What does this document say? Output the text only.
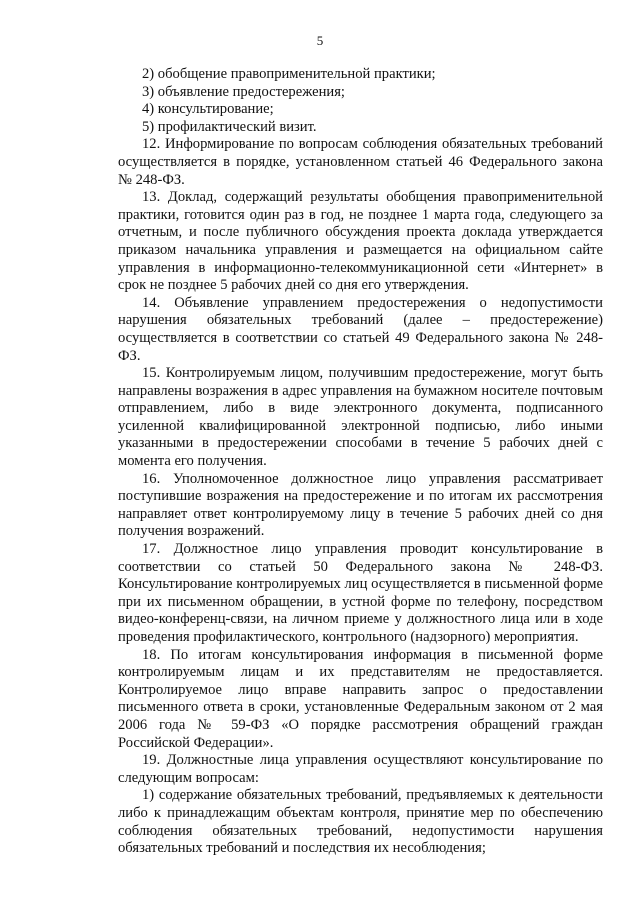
5

2) обобщение правоприменительной практики;

3) объявление предостережения;

4) консультирование;

5) профилактический визит.

12. Информирование по вопросам соблюдения обязательных требований осуществляется в порядке, установленном статьей 46 Федерального закона № 248-ФЗ.

13. Доклад, содержащий результаты обобщения правоприменительной практики, готовится один раз в год, не позднее 1 марта года, следующего за отчетным, и после публичного обсуждения проекта доклада утверждается приказом начальника управления и размещается на официальном сайте управления в информационно-телекоммуникационной сети «Интернет» в срок не позднее 5 рабочих дней со дня его утверждения.

14. Объявление управлением предостережения о недопустимости нарушения обязательных требований (далее – предостережение) осуществляется в соответствии со статьей 49 Федерального закона № 248-ФЗ.

15. Контролируемым лицом, получившим предостережение, могут быть направлены возражения в адрес управления на бумажном носителе почтовым отправлением, либо в виде электронного документа, подписанного усиленной квалифицированной электронной подписью, либо иными указанными в предостережении способами в течение 5 рабочих дней с момента его получения.

16. Уполномоченное должностное лицо управления рассматривает поступившие возражения на предостережение и по итогам их рассмотрения направляет ответ контролируемому лицу в течение 5 рабочих дней со дня получения возражений.

17. Должностное лицо управления проводит консультирование в соответствии со статьей 50 Федерального закона № 248-ФЗ. Консультирование контролируемых лиц осуществляется в письменной форме при их письменном обращении, в устной форме по телефону, посредством видео-конференц-связи, на личном приеме у должностного лица или в ходе проведения профилактического, контрольного (надзорного) мероприятия.

18. По итогам консультирования информация в письменной форме контролируемым лицам и их представителям не предоставляется. Контролируемое лицо вправе направить запрос о предоставлении письменного ответа в сроки, установленные Федеральным законом от 2 мая 2006 года № 59-ФЗ «О порядке рассмотрения обращений граждан Российской Федерации».

19. Должностные лица управления осуществляют консультирование по следующим вопросам:

1) содержание обязательных требований, предъявляемых к деятельности либо к принадлежащим объектам контроля, принятие мер по обеспечению соблюдения обязательных требований, недопустимости нарушения обязательных требований и последствия их несоблюдения;
